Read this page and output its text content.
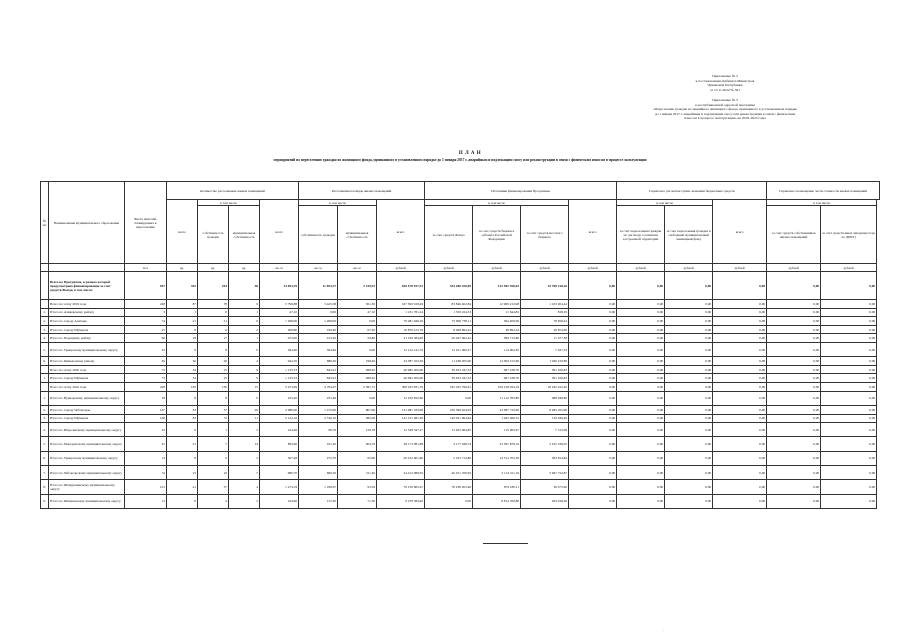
Приложение № 3
к постановлению Кабинета Министров
Чувашской Республики
от 15.11.2022 № 591
Приложение № 3
к республиканской адресной программе
«Переселение граждан из аварийного жилищного фонда, признанного в установленном порядке
до 1 января 2017 г. аварийным и подлежащим сносу или реконструкции в связи с физическим
износом в процессе эксплуатации» на 2019–2023 годы
П Л А Н
мероприятий по переселению граждан из жилищного фонда, признанного в установленном порядке до 1 января 2017 г. аварийным и подлежащим сносу или реконструкции в связи с физическим износом в процессе эксплуатации
№ пп	Наименование муниципального образования	Число жителей, планируемых к переселению	Количество расселяемых жилых помещений				Расселяемая площадь жилых помещений			Источники финансирования Программы				Справочно: расчетная сумма экономии бюджетных средств			Справочно: возмещение части стоимости жилых помещений	
			всего	в том числе		всего	в том числе		всего	в том числе			всего	в том числе		всего	в том числе	
				собственность граждан	муниципальная собственность		собственность граждан	муниципальная собственность		за счет средств Фонда	за счет средств бюджета субъекта Российской Федерации	за счет средств местного бюджета		за счет переселения граждан по договору о развитии застроенной территории	за счет переселения граждан в свободный муниципальный жилищный фонд		за счет средств собственников жилых помещений	за счет средств иных лиц (инвестора по ДРПТ)
		чел.	ед.	ед.	ед.	кв. м	кв. м	кв. м	рублей	рублей	рублей	рублей	рублей	рублей	рублей	рублей	рублей	рублей
	Всего по Программе, в рамках которой предусмотрено финансирование за счет средств Фонда, в том числе:	947	352	294	58	14 093,29	11 853,37	2 239,92	636 578 937,91	534 286 420,09	122 582 298,63	19 708 218,26	0,00	0,00	0,00	0,00	0,00	0,00
	Всего по этапу 2019 года	248	87	78	9	3 796,88	3 425,58	361,30	167 509 018,49	83 846 402,84	12 909 212,98	1 163 204,44	0,00	0,00	0,00	0,00	0,00	0,00
1.	Итого по Аликовскому району	3	1	0	1	47,10	0,00	47,10	1 231 781,24	1 359 164,33	11 644,82	818,19	0,00	0,00	0,00	0,00	0,00	0,00
2.	Итого по городу Алатырь	74	21	21	0	1 208,00	1 208,00	0,00	79 481 646,59	75 096 738,11	394 209,06	78 658,42	0,00	0,00	0,00	0,00	0,00	0,00
3.	Итого по городу Шумерля	23	8	6	2	266,80	199,40	67,20	10 870 413,76	8 468 893,22	48 892,54	29 874,00	0,00	0,00	0,00	0,00	0,00	0,00
4.	Итого по Порецкому району	60	18	17	1	973,00	913,20	59,80	21 199 384,00	20 447 062,42	599 715,86	11 477,38	0,00	0,00	0,00	0,00	0,00	0,00
5.	Итого по Урмарскому муниципальному округу	23	9	8	0	364,60	364,60	0,00	12 124 141,76	12 011 000,27	114 604,30	7 637,33	0,00	0,00	0,00	0,00	0,00	0,00
6.	Итого по Цивильскому району	65	30	26	4	944,70	686,30	198,40	24 387 102,56	11 238 205,00	12 094 515,60	1 049 156,80	0,00	0,00	0,00	0,00	0,00	0,00
	Всего по этапу 2020 года	73	34	25	9	1 135,53	845,91	289,62	40 982 200,06	39 633 347,53	967 238,70	391 616,83	0,00	0,00	0,00	0,00	0,00	0,00
1.	Итого по городу Шумерля	73	34	25	9	1 135,53	845,91	289,62	40 992 200,06	39 633 347,53	967 238,70	391 616,83	0,00	0,00	0,00	0,00	0,00	0,00
	Всего по этапу 2022 года	428	165	150	15	5 473,69	4 794,97	2 581,72	308 163 831,79	182 165 799,61	109 218 934,19	18 182 222,20	0,00	0,00	0,00	0,00	0,00	0,00
1.	Итого по Вурнарскому муниципальному округу	18	8	8	0	255,40	255,40	0,00	12 100 832,60	0,00	11 112 783,80	988 048,80	0,00	0,00	0,00	0,00	0,00	0,00
2.	Итого по городу Чебоксары	167	63	37	26	2 080,00	1 272,00	807,99	131 081 183,00	106 599 924,03	23 997 743,00	9 483 455,96	0,00	0,00	0,00	0,00	0,00	0,00
3.	Итого по городу Шумерля	106	83	72	11	2 122,16	2 740,10	382,06	141 151 481,36	140 021 964,64	1 262 466,52	132 036,46	0,00	0,00	0,00	0,00	0,00	0,00
4.	Итого по Ибресинскому муниципальному округу	22	6	1	5	224,06	66,76	159,78	12 528 347,27	12 402 964,85	115 965,97	7 515,99	0,00	0,00	0,00	0,00	0,00	0,00
5.	Итого по Моргаушскому муниципальному округу	47	21	7	14	893,90	241,20	604,70	38 173 081,89	4 177 048,74	23 567 878,19	2 225 336,05	0,00	0,00	0,00	0,00	0,00	0,00
6.	Итого по Урмарскому муниципальному округу	14	8	6	2	367,48	272,70	95,00	20 472 601,60	5 193 714,80	14 514 705,36	363 814,84	0,00	0,00	0,00	0,00	0,00	0,00
7.	Итого по Чебоксарскому муниципальному округу	74	23	16	7	980,70	669,30	311,40	54 413 089,05	40 251 350,95	5 114 311,16	5 067 722,87	0,00	0,00	0,00	0,00	0,00	0,00
8.	Итого по Шемуршинскому муниципальному округу	101	41	37	4	1 274,19	1 180,67	93,50	79 159 865,47	78 238 203,46	874 180,11	38 475,90	0,00	0,00	0,00	0,00	0,00	0,00
9.	Итого по Янтиковскому муниципальному округу	13	6	4	2	224,00	152,30	71,30	9 278 384,00	0,00	8 814 350,80	463 918,20	0,00	0,00	0,00	0,00	0,00	0,00
.
